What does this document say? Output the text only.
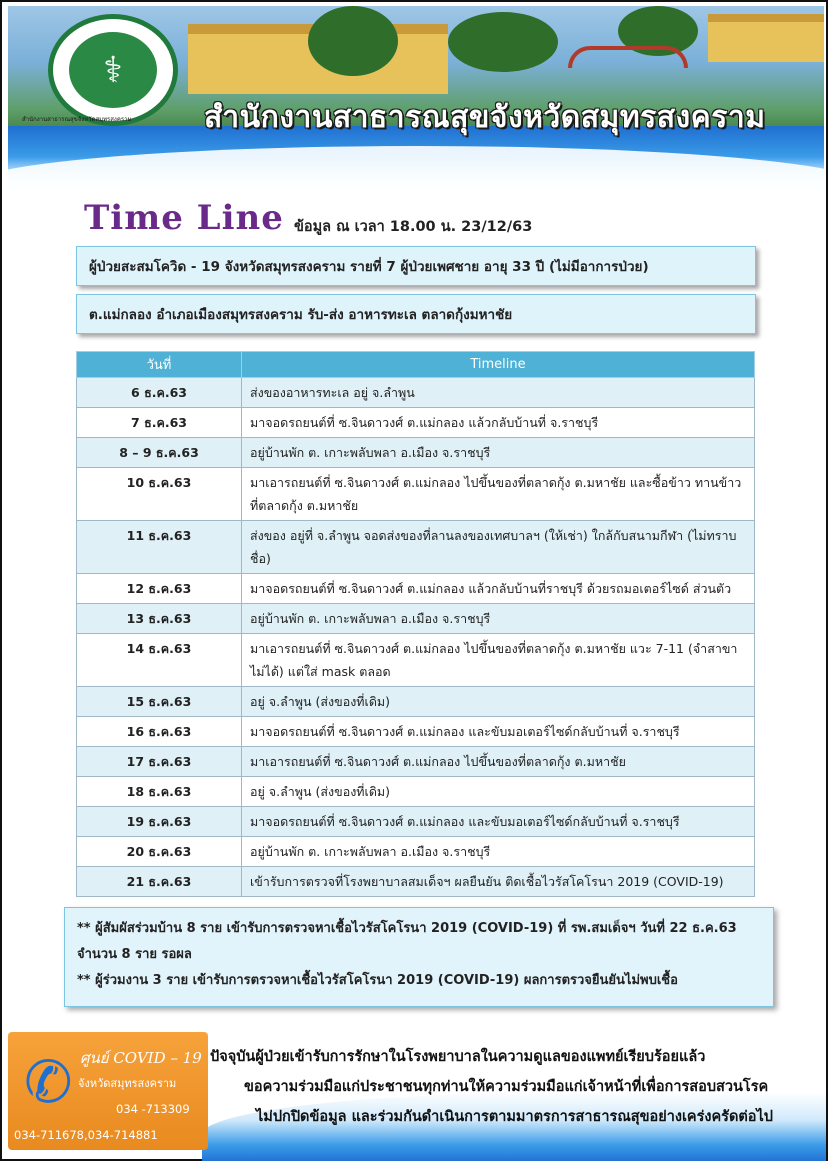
⚕
สำนักงานสาธารณสุขจังหวัดสมุทรสงคราม	สำนักงานสาธารณสุขจังหวัดสมุทรสงคราม
Time Line ข้อมูล ณ เวลา 18.00 น. 23/12/63
ผู้ป่วยสะสมโควิด - 19 จังหวัดสมุทรสงคราม รายที่ 7 ผู้ป่วยเพศชาย อายุ 33 ปี (ไม่มีอาการป่วย)
ต.แม่กลอง อำเภอเมืองสมุทรสงคราม รับ-ส่ง อาหารทะเล ตลาดกุ้งมหาชัย
วันที่	Timeline
6 ธ.ค.63	ส่งของอาหารทะเล อยู่ จ.ลำพูน
7 ธ.ค.63	มาจอดรถยนต์ที่ ซ.จินดาวงศ์ ต.แม่กลอง แล้วกลับบ้านที่ จ.ราชบุรี
8 – 9 ธ.ค.63	อยู่บ้านพัก ต. เกาะพลับพลา อ.เมือง จ.ราชบุรี
10 ธ.ค.63	มาเอารถยนต์ที่ ซ.จินดาวงศ์ ต.แม่กลอง ไปขึ้นของที่ตลาดกุ้ง ต.มหาชัย และซื้อข้าว ทานข้าวที่ตลาดกุ้ง ต.มหาชัย
11 ธ.ค.63	ส่งของ อยู่ที่ จ.ลำพูน จอดส่งของที่ลานลงของเทศบาลฯ (ให้เช่า) ใกล้กับสนามกีฬา (ไม่ทราบชื่อ)
12 ธ.ค.63	มาจอดรถยนต์ที่ ซ.จินดาวงศ์ ต.แม่กลอง แล้วกลับบ้านที่ราชบุรี ด้วยรถมอเตอร์ไซด์ ส่วนตัว
13 ธ.ค.63	อยู่บ้านพัก ต. เกาะพลับพลา อ.เมือง จ.ราชบุรี
14 ธ.ค.63	มาเอารถยนต์ที่ ซ.จินดาวงศ์ ต.แม่กลอง ไปขึ้นของที่ตลาดกุ้ง ต.มหาชัย แวะ 7-11 (จำสาขาไม่ได้) แต่ใส่ mask ตลอด
15 ธ.ค.63	อยู่ จ.ลำพูน (ส่งของที่เดิม)
16 ธ.ค.63	มาจอดรถยนต์ที่ ซ.จินดาวงศ์ ต.แม่กลอง และขับมอเตอร์ไซด์กลับบ้านที่ จ.ราชบุรี
17 ธ.ค.63	มาเอารถยนต์ที่ ซ.จินดาวงศ์ ต.แม่กลอง ไปขึ้นของที่ตลาดกุ้ง ต.มหาชัย
18 ธ.ค.63	อยู่ จ.ลำพูน (ส่งของที่เดิม)
19 ธ.ค.63	มาจอดรถยนต์ที่ ซ.จินดาวงศ์ ต.แม่กลอง และขับมอเตอร์ไซด์กลับบ้านที่ จ.ราชบุรี
20 ธ.ค.63	อยู่บ้านพัก ต. เกาะพลับพลา อ.เมือง จ.ราชบุรี
21 ธ.ค.63	เข้ารับการตรวจที่โรงพยาบาลสมเด็จฯ ผลยืนยัน ติดเชื้อไวรัสโคโรนา 2019 (COVID-19)
** ผู้สัมผัสร่วมบ้าน 8 ราย เข้ารับการตรวจหาเชื้อไวรัสโคโรนา 2019 (COVID-19) ที่ รพ.สมเด็จฯ วันที่ 22 ธ.ค.63 จำนวน 8 ราย รอผล
** ผู้ร่วมงาน 3 ราย เข้ารับการตรวจหาเชื้อไวรัสโคโรนา 2019 (COVID-19) ผลการตรวจยืนยันไม่พบเชื้อ
✆ ศูนย์ COVID – 19
จังหวัดสมุทรสงคราม
034 -713309
034-711678,034-714881
ปัจจุบันผู้ป่วยเข้ารับการรักษาในโรงพยาบาลในความดูแลของแพทย์เรียบร้อยแล้ว
ขอความร่วมมือแก่ประชาชนทุกท่านให้ความร่วมมือแก่เจ้าหน้าที่เพื่อการสอบสวนโรค
ไม่ปกปิดข้อมูล และร่วมกันดำเนินการตามมาตรการสาธารณสุขอย่างเคร่งครัดต่อไป
